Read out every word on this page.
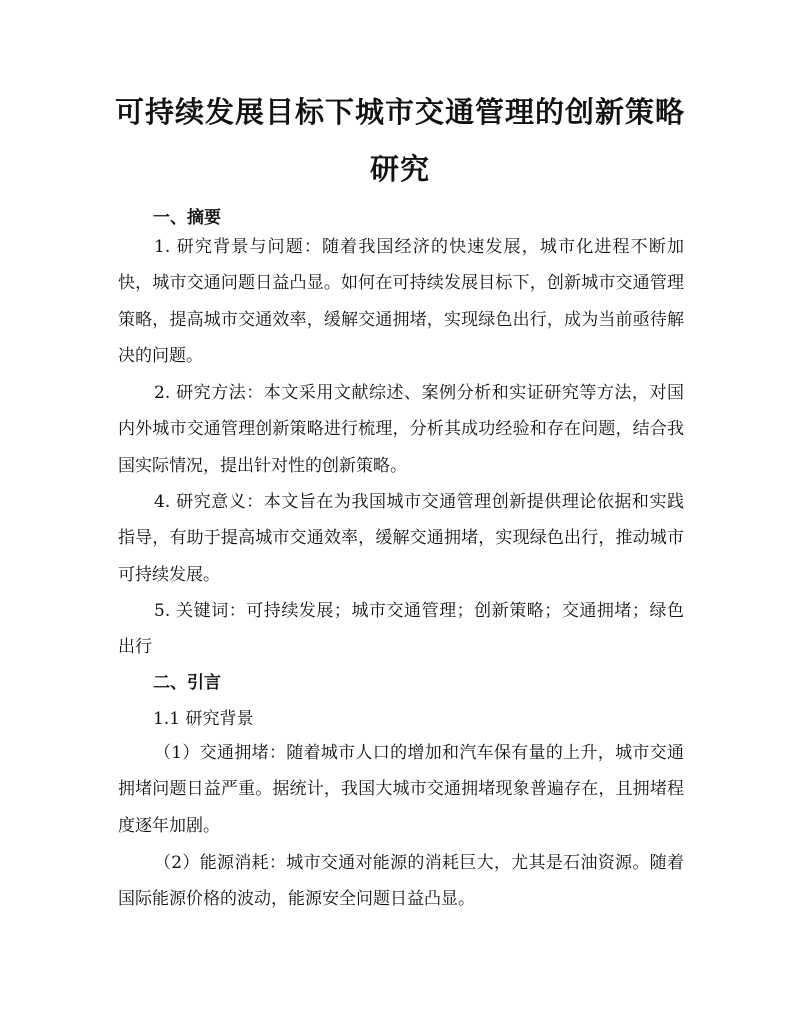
可持续发展目标下城市交通管理的创新策略
研究
一、摘要

1. 研究背景与问题：随着我国经济的快速发展，城市化进程不断加快，城市交通问题日益凸显。如何在可持续发展目标下，创新城市交通管理策略，提高城市交通效率，缓解交通拥堵，实现绿色出行，成为当前亟待解决的问题。

2. 研究方法：本文采用文献综述、案例分析和实证研究等方法，对国内外城市交通管理创新策略进行梳理，分析其成功经验和存在问题，结合我国实际情况，提出针对性的创新策略。

4. 研究意义：本文旨在为我国城市交通管理创新提供理论依据和实践指导，有助于提高城市交通效率，缓解交通拥堵，实现绿色出行，推动城市可持续发展。

5. 关键词：可持续发展；城市交通管理；创新策略；交通拥堵；绿色出行

二、引言
1.1 研究背景

（1）交通拥堵：随着城市人口的增加和汽车保有量的上升，城市交通拥堵问题日益严重。据统计，我国大城市交通拥堵现象普遍存在，且拥堵程度逐年加剧。

（2）能源消耗：城市交通对能源的消耗巨大，尤其是石油资源。随着国际能源价格的波动，能源安全问题日益凸显。
